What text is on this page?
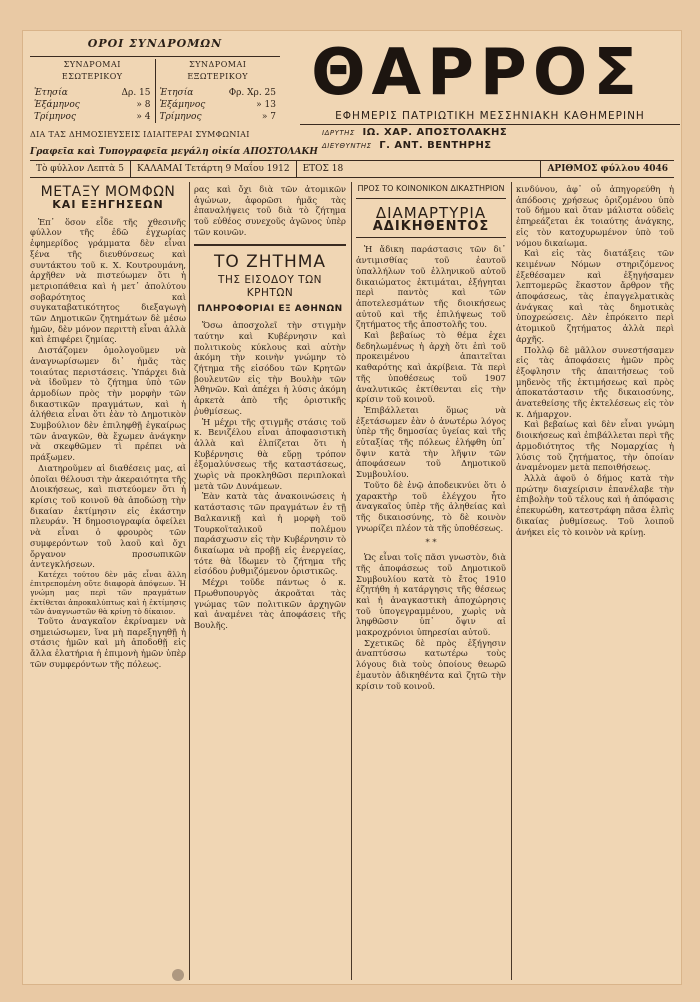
ΟΡΟΙ ΣΥΝΔΡΟΜΩΝ
ΣΥΝΔΡΟΜΑΙ ΕΣΩΤΕΡΙΚΟΥ
Ἐτησία	Δρ. 15
Ἑξάμηνος	» 8
Τρίμηνος	» 4
ΣΥΝΔΡΟΜΑΙ ΕΞΩΤΕΡΙΚΟΥ
Ἐτησία	Φρ. Χρ. 25
Ἑξάμηνος	» 13
Τρίμηνος	» 7
ΔΙΑ ΤΑΣ ΔΗΜΟΣΙΕΥΣΕΙΣ ΙΔΙΑΙΤΕΡΑΙ ΣΥΜΦΩΝΙΑΙ
Γραφεῖα καὶ Τυπογραφεῖα μεγάλη οἰκία ΑΠΟΣΤΟΛΑΚΗ
ΘΑΡΡΟΣ
ΕΦΗΜΕΡΙΣ ΠΑΤΡΙΩΤΙΚΗ ΜΕΣΣΗΝΙΑΚΗ ΚΑΘΗΜΕΡΙΝΗ
ΙΔΡΥΤΗΣ ΙΩ. ΧΑΡ. ΑΠΟΣΤΟΛΑΚΗΣ
ΔΙΕΥΘΥΝΤΗΣ Γ. ΑΝΤ. ΒΕΝΤΗΡΗΣ
Τὸ φύλλον Λεπτὰ 5	ΚΑΛΑΜΑΙ Τετάρτη 9 Μαΐου 1912	ΕΤΟΣ 18	ΑΡΙΘΜΟΣ φύλλου 4046
ΜΕΤΑΞΥ ΜΟΜΦΩΝ
ΚΑΙ ΕΞΗΓΗΣΕΩΝ

Ἐπ᾽ ὅσον εἶδε τῆς χθεσινῆς φύλλον τῆς ἐδῶ ἐγχωρίας ἐφημερίδος γράμματα δὲν εἶναι ξένα τῆς διευθύνσεως καὶ συντάκτου τοῦ κ. Χ. Κουτρουμάνη, ἀρχῆθεν νὰ πιστεύωμεν ὅτι ἡ μετριοπάθεια καὶ ἡ μετ᾽ ἀπολύτου σοβαρότητος καὶ συγκαταβατικότητος διεξαγωγὴ τῶν Δημοτικῶν ζητημάτων δὲ μέσω ἡμῶν, δὲν μόνον περιττὴ εἶναι ἀλλὰ καὶ ἐπιφέρει ζημίας.

Διστάζομεν ὁμολογοῦμεν νὰ ἀναγνωρίσωμεν δι᾽ ἡμᾶς τὰς τοιαύτας περιστάσεις. Ὑπάρχει διὰ νὰ ἰδοῦμεν τὸ ζήτημα ὑπὸ τῶν ἀρμοδίων πρὸς τὴν μορφὴν τῶν δικαστικῶν πραγμάτων, καὶ ἡ ἀλήθεια εἶναι ὅτι ἐὰν τὸ Δημοτικὸν Συμβούλιον δὲν ἐπιληφθῇ ἐγκαίρως τῶν ἀναγκῶν, θὰ ἔχωμεν ἀνάγκην νὰ σκεφθῶμεν τὶ πρέπει νὰ πράξωμεν.

Διατηροῦμεν αἱ διαθέσεις μας, αἱ ὁποῖαι θέλουσι τὴν ἀκεραιότητα τῆς Διοικήσεως, καὶ πιστεύομεν ὅτι ἡ κρίσις τοῦ κοινοῦ θὰ ἀποδώσῃ τὴν δικαίαν ἐκτίμησιν εἰς ἑκάστην πλευράν. Ἡ δημοσιογραφία ὀφείλει νὰ εἶναι ὁ φρουρὸς τῶν συμφερόντων τοῦ λαοῦ καὶ ὄχι ὄργανον προσωπικῶν ἀντεγκλήσεων.

Κατέχει τούτου δὲν μᾶς εἶναι ἄλλη ἐπιτρεπομένη οὔτε διαφορὰ ἀπόψεων. Ἡ γνώμη μας περὶ τῶν πραγμάτων ἐκτίθεται ἀπροκαλύπτως καὶ ἡ ἐκτίμησις τῶν ἀναγνωστῶν θὰ κρίνῃ τὸ δίκαιον.

Τοῦτο ἀναγκαῖον ἐκρίναμεν νὰ σημειώσωμεν, ἵνα μὴ παρεξηγηθῇ ἡ στάσις ἡμῶν καὶ μὴ ἀποδοθῇ εἰς ἄλλα ἐλατήρια ἡ ἐπιμονὴ ἡμῶν ὑπὲρ τῶν συμφερόντων τῆς πόλεως.

ρας καὶ ὄχι διὰ τῶν ἀτομικῶν ἀγώνων, ἀφορῶσι ἡμᾶς τὰς ἐπαναλήψεις τοῦ διὰ τὸ ζήτημα τοῦ εὐθέος συνεχοῦς ἀγῶνος ὑπὲρ τῶν κοινῶν.

ΤΟ ΖΗΤΗΜΑ
ΤΗΣ ΕΙΣΟΔΟΥ ΤΩΝ ΚΡΗΤΩΝ
ΠΛΗΡΟΦΟΡΙΑΙ ΕΞ ΑΘΗΝΩΝ

Ὅσω ἀποσχολεῖ τὴν στιγμὴν ταύτην καὶ Κυβέρνησιν καὶ πολιτικοὺς κύκλους καὶ αὐτὴν ἀκόμη τὴν κοινὴν γνώμην τὸ ζήτημα τῆς εἰσόδου τῶν Κρητῶν βουλευτῶν εἰς τὴν Βουλὴν τῶν Ἀθηνῶν. Καὶ ἀπέχει ἡ λύσις ἀκόμη ἀρκετὰ ἀπὸ τῆς ὁριστικῆς ῥυθμίσεως.

Ἡ μέχρι τῆς στιγμῆς στάσις τοῦ κ. Βενιζέλου εἶναι ἀποφασιστικὴ ἀλλὰ καὶ ἐλπίζεται ὅτι ἡ Κυβέρνησις θὰ εὕρῃ τρόπον ἐξομαλύνσεως τῆς καταστάσεως, χωρὶς νὰ προκληθῶσι περιπλοκαὶ μετὰ τῶν Δυνάμεων.

Ἐὰν κατὰ τὰς ἀνακοινώσεις ἡ κατάστασις τῶν πραγμάτων ἐν τῇ Βαλκανικῇ καὶ ἡ μορφὴ τοῦ Τουρκοϊταλικοῦ πολέμου παράσχωσιν εἰς τὴν Κυβέρνησιν τὸ δικαίωμα νὰ προβῇ εἰς ἐνεργείας, τότε θὰ ἴδωμεν τὸ ζήτημα τῆς εἰσόδου ῥυθμιζόμενον ὁριστικῶς.

Μέχρι τοῦδε πάντως ὁ κ. Πρωθυπουργὸς ἀκροᾶται τὰς γνώμας τῶν πολιτικῶν ἀρχηγῶν καὶ ἀναμένει τὰς ἀποφάσεις τῆς Βουλῆς.

ΠΡΟΣ ΤΟ ΚΟΙΝΟΝΙΚΟΝ ΔΙΚΑΣΤΗΡΙΟΝ
ΔΙΑΜΑΡΤΥΡΙΑ
ΑΔΙΚΗΘΕΝΤΟΣ

Ἡ ἄδικη παράστασις τῶν δι᾽ ἀντιμισθίας τοῦ ἐαυτοῦ ὑπαλλήλων τοῦ ἐλληνικοῦ αὐτοῦ δικαιώματος ἐκτιμάται, ἐξήγηται περὶ παντὸς καὶ τῶν ἀποτελεσμάτων τῆς διοικήσεως αὐτοῦ καὶ τῆς ἐπιλήψεως τοῦ ζητήματος τῆς ἀποστολῆς του.

Καὶ βεβαίως τὸ θέμα ἐχει δεδηλωμένως ἡ ἀρχὴ ὅτι ἐπὶ τοῦ προκειμένου ἀπαιτεῖται καθαρότης καὶ ἀκρίβεια. Τὰ περὶ τῆς ὑποθέσεως τοῦ 1907 ἀναλυτικῶς ἐκτίθενται εἰς τὴν κρίσιν τοῦ κοινοῦ.

Ἐπιβάλλεται ὅμως νὰ ἐξετάσωμεν ἐὰν ὁ ἀνωτέρω λόγος ὑπὲρ τῆς δημοσίας ὑγείας καὶ τῆς εὐταξίας τῆς πόλεως ἐλήφθη ὑπ᾽ ὄψιν κατὰ τὴν λῆψιν τῶν ἀποφάσεων τοῦ Δημοτικοῦ Συμβουλίου.

Τοῦτο δὲ ἐνῷ ἀποδεικνύει ὅτι ὁ χαρακτὴρ τοῦ ἐλέγχου ἦτο ἀναγκαῖος ὑπὲρ τῆς ἀληθείας καὶ τῆς δικαιοσύνης, τὸ δὲ κοινὸν γνωρίζει πλέον τὰ τῆς ὑποθέσεως.

* *

Ὡς εἶναι τοῖς πᾶσι γνωστὸν, διὰ τῆς ἀποφάσεως τοῦ Δημοτικοῦ Συμβουλίου κατὰ τὸ ἔτος 1910 ἐζητήθη ἡ κατάργησις τῆς θέσεως καὶ ἡ ἀναγκαστικὴ ἀποχώρησις τοῦ ὑπογεγραμμένου, χωρὶς νὰ ληφθῶσιν ὑπ᾽ ὄψιν αἱ μακροχρόνιοι ὑπηρεσίαι αὐτοῦ.

Σχετικῶς δὲ πρὸς ἐξήγησιν ἀναπτύσσω κατωτέρω τοὺς λόγους διὰ τοὺς ὁποίους θεωρῶ ἐμαυτὸν ἀδικηθέντα καὶ ζητῶ τὴν κρίσιν τοῦ κοινοῦ.

κινδύνου, ἀφ᾽ οὗ ἀπηγορεύθη ἡ ἀπόδοσις χρήσεως ὁριζομένου ὑπὸ τοῦ δήμου καὶ ὅταν μάλιστα οὐδεὶς ἐπηρεάζεται ἐκ τοιαύτης ἀνάγκης, εἰς τὸν κατοχυρωμένον ὑπὸ τοῦ νόμου δικαίωμα.

Καὶ εἰς τὰς διατάξεις τῶν κειμένων Νόμων στηριζόμενος ἐξεθέσαμεν καὶ ἐξηγήσαμεν λεπτομερῶς ἕκαστον ἄρθρον τῆς ἀποφάσεως, τὰς ἐπαγγελματικὰς ἀνάγκας καὶ τὰς δημοτικὰς ὑποχρεώσεις. Δὲν ἐπρόκειτο περὶ ἀτομικοῦ ζητήματος ἀλλὰ περὶ ἀρχῆς.

Πολλῷ δὲ μᾶλλον συνεστήσαμεν εἰς τὰς ἀποφάσεις ἡμῶν πρὸς ἐξοφλησιν τῆς ἀπαιτήσεως τοῦ μηδενὸς τῆς ἐκτιμήσεως καὶ πρὸς ἀποκατάστασιν τῆς δικαιοσύνης, ἀνατεθείσης τῆς ἐκτελέσεως εἰς τὸν κ. Δήμαρχον.

Καὶ βεβαίως καὶ δὲν εἶναι γνώμη διοικήσεως καὶ ἐπιβάλλεται περὶ τῆς ἀρμοδιότητος τῆς Νομαρχίας ἡ λύσις τοῦ ζητήματος, τὴν ὁποίαν ἀναμένομεν μετὰ πεποιθήσεως.

Ἀλλὰ ἀφοῦ ὁ δήμος κατὰ τὴν πρώτην διαχείρισιν ἐπανέλαβε τὴν ἐπιβολὴν τοῦ τέλους καὶ ἡ ἀπόφασις ἐπεκυρώθη, κατεστράφη πᾶσα ἐλπὶς δικαίας ῥυθμίσεως. Τοῦ λοιποῦ ἀνήκει εἰς τὸ κοινὸν νὰ κρίνῃ.
